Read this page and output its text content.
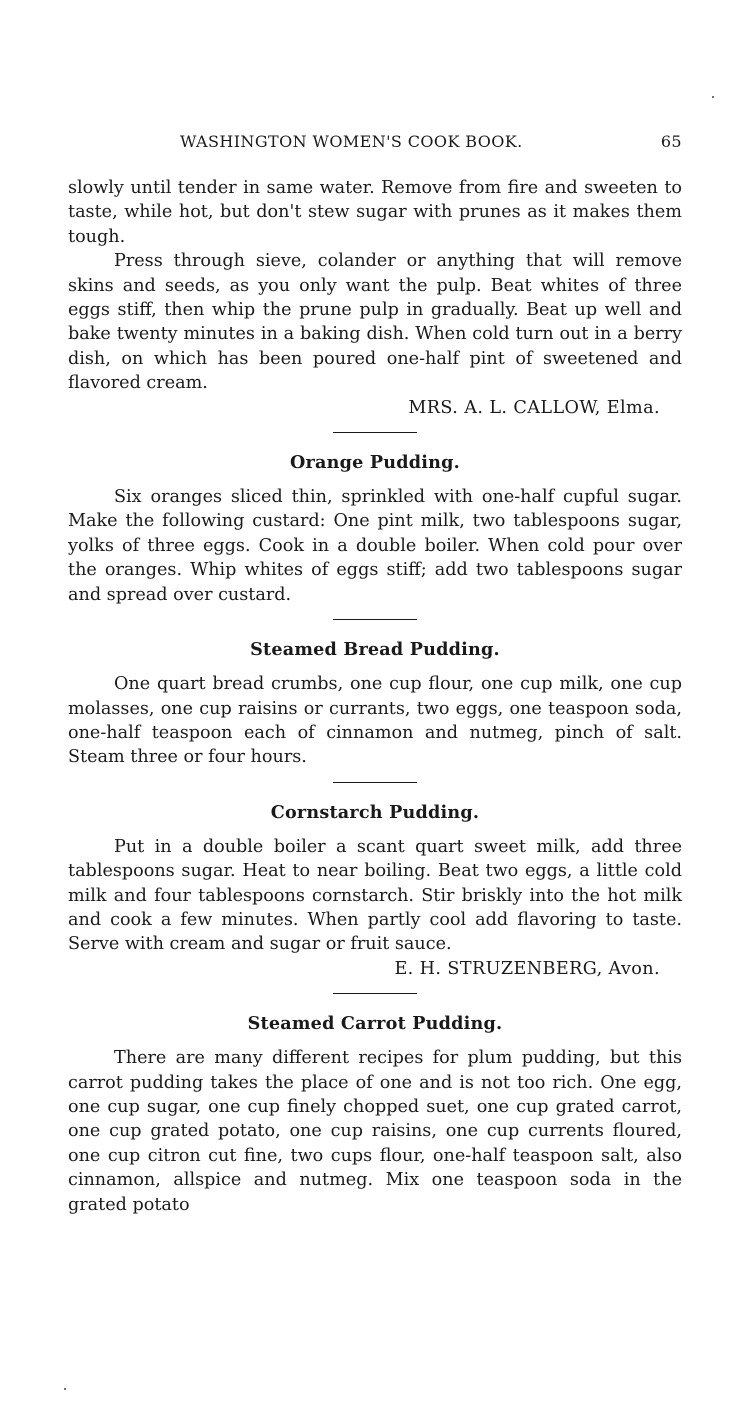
WASHINGTON WOMEN'S COOK BOOK.	65

slowly until tender in same water. Remove from fire and sweeten to taste, while hot, but don't stew sugar with prunes as it makes them tough.

Press through sieve, colander or anything that will remove skins and seeds, as you only want the pulp. Beat whites of three eggs stiff, then whip the prune pulp in gradually. Beat up well and bake twenty minutes in a baking dish. When cold turn out in a berry dish, on which has been poured one-half pint of sweetened and flavored cream.

MRS. A. L. CALLOW, Elma.
Orange Pudding.

Six oranges sliced thin, sprinkled with one-half cupful sugar. Make the following custard: One pint milk, two tablespoons sugar, yolks of three eggs. Cook in a double boiler. When cold pour over the oranges. Whip whites of eggs stiff; add two tablespoons sugar and spread over custard.

Steamed Bread Pudding.

One quart bread crumbs, one cup flour, one cup milk, one cup molasses, one cup raisins or currants, two eggs, one teaspoon soda, one-half teaspoon each of cinnamon and nutmeg, pinch of salt. Steam three or four hours.

Cornstarch Pudding.

Put in a double boiler a scant quart sweet milk, add three tablespoons sugar. Heat to near boiling. Beat two eggs, a little cold milk and four tablespoons cornstarch. Stir briskly into the hot milk and cook a few minutes. When partly cool add flavoring to taste. Serve with cream and sugar or fruit sauce.

E. H. STRUZENBERG, Avon.
Steamed Carrot Pudding.

There are many different recipes for plum pudding, but this carrot pudding takes the place of one and is not too rich. One egg, one cup sugar, one cup finely chopped suet, one cup grated carrot, one cup grated potato, one cup raisins, one cup currents floured, one cup citron cut fine, two cups flour, one-half teaspoon salt, also cinnamon, allspice and nutmeg. Mix one teaspoon soda in the grated potato
